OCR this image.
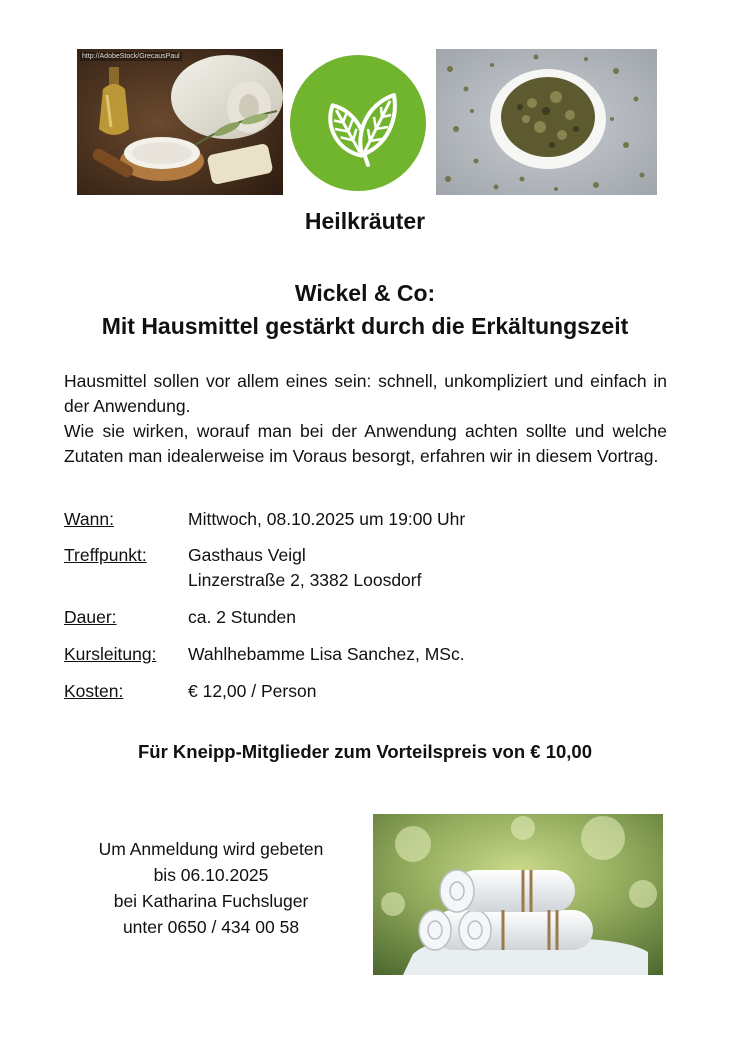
http://AdobeStock/GrecausPaul
Heilkräuter
Wickel & Co:
Mit Hausmittel gestärkt durch die Erkältungszeit
Hausmittel sollen vor allem eines sein: schnell, unkompliziert und einfach in der Anwendung.
Wie sie wirken, worauf man bei der Anwendung achten sollte und welche Zutaten man idealerweise im Voraus besorgt, erfahren wir in diesem Vortrag.
Wann:	Mittwoch, 08.10.2025 um 19:00 Uhr
Treffpunkt: Gasthaus Veigl
Linzerstraße 2, 3382 Loosdorf
Dauer:	ca. 2 Stunden
Kursleitung: Wahlhebamme Lisa Sanchez, MSc.
Kosten:	€ 12,00 / Person
Für Kneipp-Mitglieder zum Vorteilspreis von € 10,00
Um Anmeldung wird gebeten
bis 06.10.2025
bei Katharina Fuchsluger
unter 0650 / 434 00 58
